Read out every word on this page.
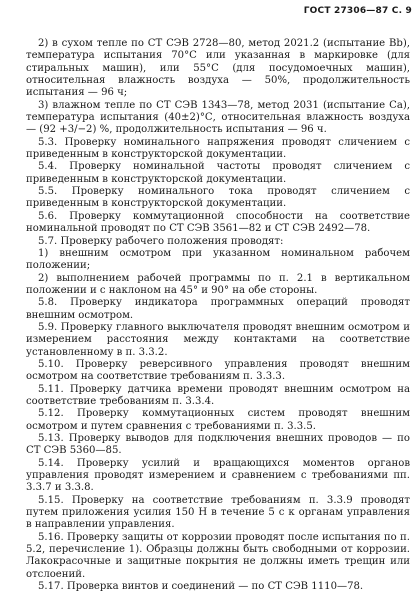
ГОСТ 27306—87 С. 9

2) в сухом тепле по СТ СЭВ 2728—80, метод 2021.2 (испытание Вb), температура испытания 70°С или указанная в маркировке (для стиральных машин), или 55°С (для посудомоечных машин), относительная влажность воздуха — 50%, продолжительность испытания — 96 ч;

3) влажном тепле по СТ СЭВ 1343—78, метод 2031 (испытание Са), температура испытания (40±2)°С, относительная влажность воздуха — (92 +3/−2) %, продолжительность испытания — 96 ч.

5.3. Проверку номинального напряжения проводят сличением с приведенным в конструкторской документации.

5.4. Проверку номинальной частоты проводят сличением с приведенным в конструкторской документации.

5.5. Проверку номинального тока проводят сличением с приведенным в конструкторской документации.

5.6. Проверку коммутационной способности на соответствие номинальной проводят по СТ СЭВ 3561—82 и СТ СЭВ 2492—78.

5.7. Проверку рабочего положения проводят:

1) внешним осмотром при указанном номинальном рабочем положении;

2) выполнением рабочей программы по п. 2.1 в вертикальном положении и с наклоном на 45° и 90° на обе стороны.

5.8. Проверку индикатора программных операций проводят внешним осмотром.

5.9. Проверку главного выключателя проводят внешним осмотром и измерением расстояния между контактами на соответствие установленному в п. 3.3.2.

5.10. Проверку реверсивного управления проводят внешним осмотром на соответствие требованиям п. 3.3.3.

5.11. Проверку датчика времени проводят внешним осмотром на соответствие требованиям п. 3.3.4.

5.12. Проверку коммутационных систем проводят внешним осмотром и путем сравнения с требованиями п. 3.3.5.

5.13. Проверку выводов для подключения внешних проводов — по СТ СЭВ 5360—85.

5.14. Проверку усилий и вращающихся моментов органов управления проводят измерением и сравнением с требованиями пп. 3.3.7 и 3.3.8.

5.15. Проверку на соответствие требованиям п. 3.3.9 проводят путем приложения усилия 150 Н в течение 5 с к органам управления в направлении управления.

5.16. Проверку защиты от коррозии проводят после испытания по п. 5.2, перечисление 1). Образцы должны быть свободными от коррозии. Лакокрасочные и защитные покрытия не должны иметь трещин или отслоений.

5.17. Проверка винтов и соединений — по СТ СЭВ 1110—78.
